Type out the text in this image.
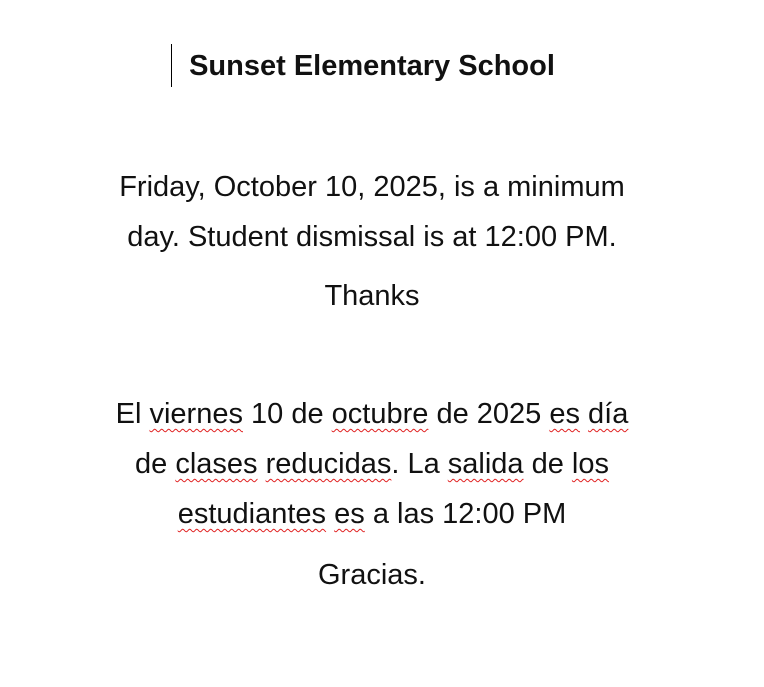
Sunset Elementary School
Friday, October 10, 2025, is a minimum
day. Student dismissal is at 12:00 PM.
Thanks
El viernes 10 de octubre de 2025 es día
de clases reducidas. La salida de los
estudiantes es a las 12:00 PM
Gracias.
